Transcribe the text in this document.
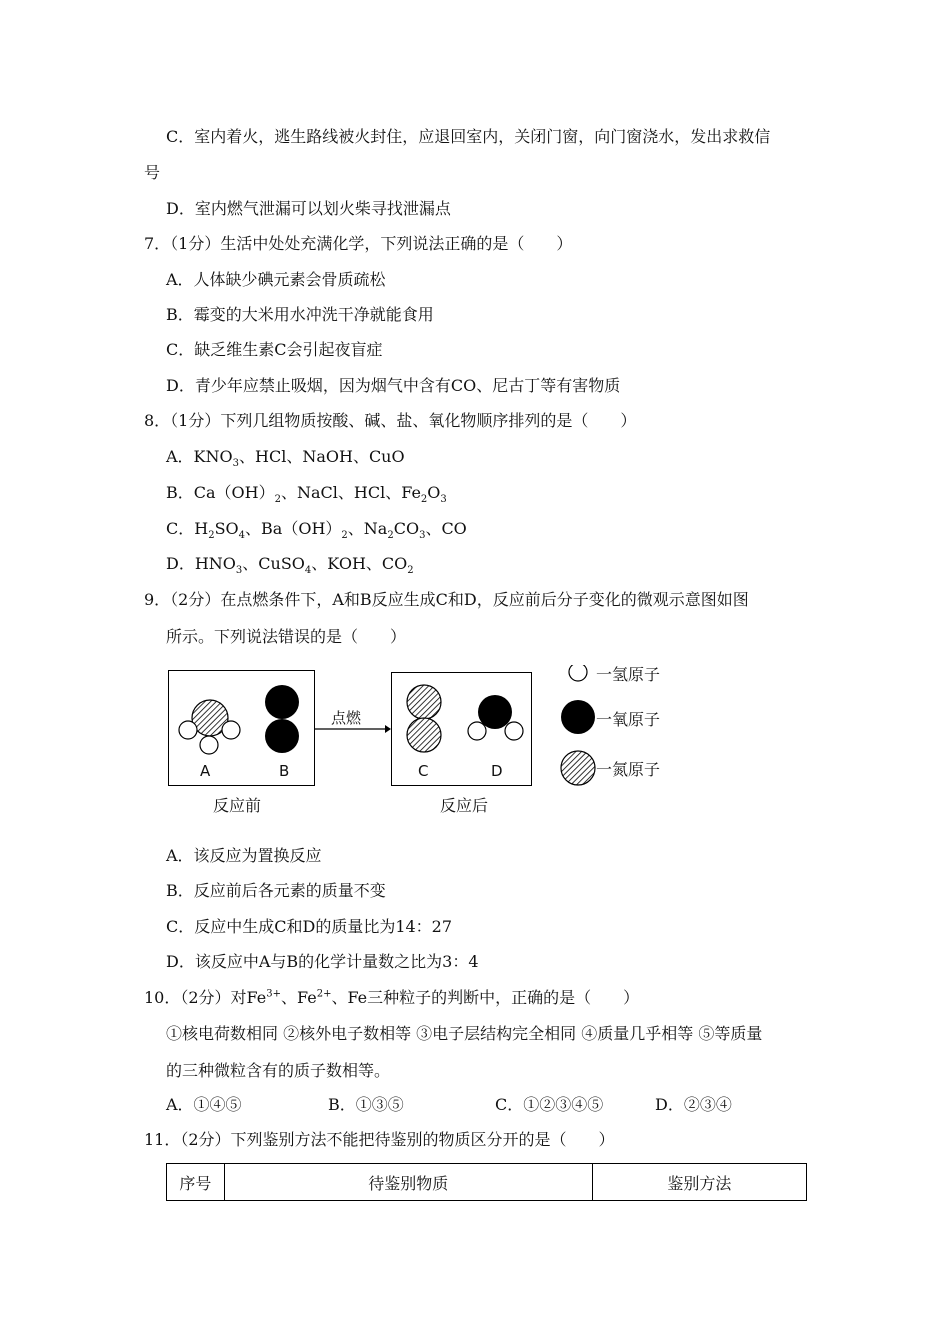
C．室内着火，逃生路线被火封住，应退回室内，关闭门窗，向门窗浇水，发出求救信
号
D．室内燃气泄漏可以划火柴寻找泄漏点
7．（1分）生活中处处充满化学，下列说法正确的是（　　）
A．人体缺少碘元素会骨质疏松
B．霉变的大米用水冲洗干净就能食用
C．缺乏维生素C会引起夜盲症
D．青少年应禁止吸烟，因为烟气中含有CO、尼古丁等有害物质
8．（1分）下列几组物质按酸、碱、盐、氧化物顺序排列的是（　　）
A．$KNO_3$、HCl、NaOH、CuO
B．$Ca(OH)_2$、NaCl、HCl、$Fe_2O_3$
C．$H_2SO_4$、$Ba(OH)_2$、$Na_2CO_3$、CO
D．$HNO_3$、CuSO$_4$、KOH、$CO_2$
9．（2分）在点燃条件下，A和B反应生成C和D，反应前后分子变化的微观示意图如图
所示。下列说法错误的是（　　）
A	B
点燃
C	D
反应前	反应后
一氢原子
一氧原子
一氮原子
A．该反应为置换反应
B．反应前后各元素的质量不变
C．反应中生成C和D的质量比为14：27
D．该反应中A与B的化学计量数之比为3：4
10．（2分）对$Fe^{3+}$、$Fe^{2+}$、Fe三种粒子的判断中，正确的是（　　）
①核电荷数相同 ②核外电子数相等 ③电子层结构完全相同 ④质量几乎相等 ⑤等质量
的三种微粒含有的质子数相等。
A．①④⑤	B．①③⑤	C．①②③④⑤	D．②③④
11．（2分）下列鉴别方法不能把待鉴别的物质区分开的是（　　）
序号	待鉴别物质	鉴别方法
